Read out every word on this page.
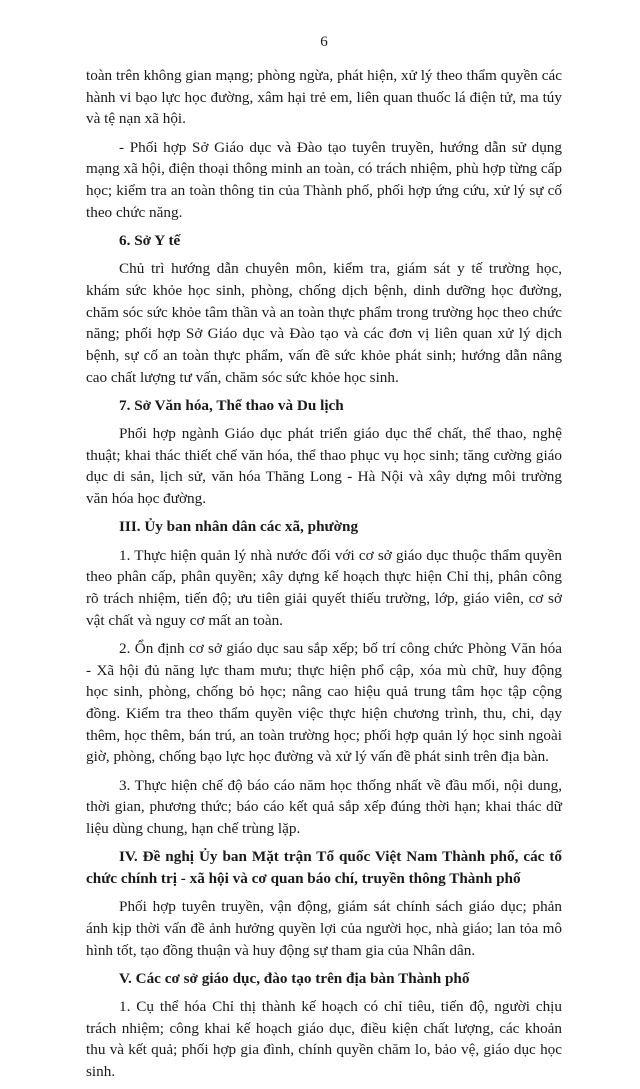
6

toàn trên không gian mạng; phòng ngừa, phát hiện, xử lý theo thẩm quyền các hành vi bạo lực học đường, xâm hại trẻ em, liên quan thuốc lá điện tử, ma túy và tệ nạn xã hội.

- Phối hợp Sở Giáo dục và Đào tạo tuyên truyền, hướng dẫn sử dụng mạng xã hội, điện thoại thông minh an toàn, có trách nhiệm, phù hợp từng cấp học; kiểm tra an toàn thông tin của Thành phố, phối hợp ứng cứu, xử lý sự cố theo chức năng.

6. Sở Y tế

Chủ trì hướng dẫn chuyên môn, kiểm tra, giám sát y tế trường học, khám sức khỏe học sinh, phòng, chống dịch bệnh, dinh dưỡng học đường, chăm sóc sức khỏe tâm thần và an toàn thực phẩm trong trường học theo chức năng; phối hợp Sở Giáo dục và Đào tạo và các đơn vị liên quan xử lý dịch bệnh, sự cố an toàn thực phẩm, vấn đề sức khỏe phát sinh; hướng dẫn nâng cao chất lượng tư vấn, chăm sóc sức khỏe học sinh.

7. Sở Văn hóa, Thể thao và Du lịch

Phối hợp ngành Giáo dục phát triển giáo dục thể chất, thể thao, nghệ thuật; khai thác thiết chế văn hóa, thể thao phục vụ học sinh; tăng cường giáo dục di sản, lịch sử, văn hóa Thăng Long - Hà Nội và xây dựng môi trường văn hóa học đường.

III. Ủy ban nhân dân các xã, phường

1. Thực hiện quản lý nhà nước đối với cơ sở giáo dục thuộc thẩm quyền theo phân cấp, phân quyền; xây dựng kế hoạch thực hiện Chỉ thị, phân công rõ trách nhiệm, tiến độ; ưu tiên giải quyết thiếu trường, lớp, giáo viên, cơ sở vật chất và nguy cơ mất an toàn.

2. Ổn định cơ sở giáo dục sau sắp xếp; bố trí công chức Phòng Văn hóa - Xã hội đủ năng lực tham mưu; thực hiện phổ cập, xóa mù chữ, huy động học sinh, phòng, chống bỏ học; nâng cao hiệu quả trung tâm học tập cộng đồng. Kiểm tra theo thẩm quyền việc thực hiện chương trình, thu, chi, dạy thêm, học thêm, bán trú, an toàn trường học; phối hợp quản lý học sinh ngoài giờ, phòng, chống bạo lực học đường và xử lý vấn đề phát sinh trên địa bàn.

3. Thực hiện chế độ báo cáo năm học thống nhất về đầu mối, nội dung, thời gian, phương thức; báo cáo kết quả sắp xếp đúng thời hạn; khai thác dữ liệu dùng chung, hạn chế trùng lặp.

IV. Đề nghị Ủy ban Mặt trận Tổ quốc Việt Nam Thành phố, các tổ chức chính trị - xã hội và cơ quan báo chí, truyền thông Thành phố

Phối hợp tuyên truyền, vận động, giám sát chính sách giáo dục; phản ánh kịp thời vấn đề ảnh hưởng quyền lợi của người học, nhà giáo; lan tỏa mô hình tốt, tạo đồng thuận và huy động sự tham gia của Nhân dân.

V. Các cơ sở giáo dục, đào tạo trên địa bàn Thành phố

1. Cụ thể hóa Chỉ thị thành kế hoạch có chỉ tiêu, tiến độ, người chịu trách nhiệm; công khai kế hoạch giáo dục, điều kiện chất lượng, các khoản thu và kết quả; phối hợp gia đình, chính quyền chăm lo, bảo vệ, giáo dục học sinh.
